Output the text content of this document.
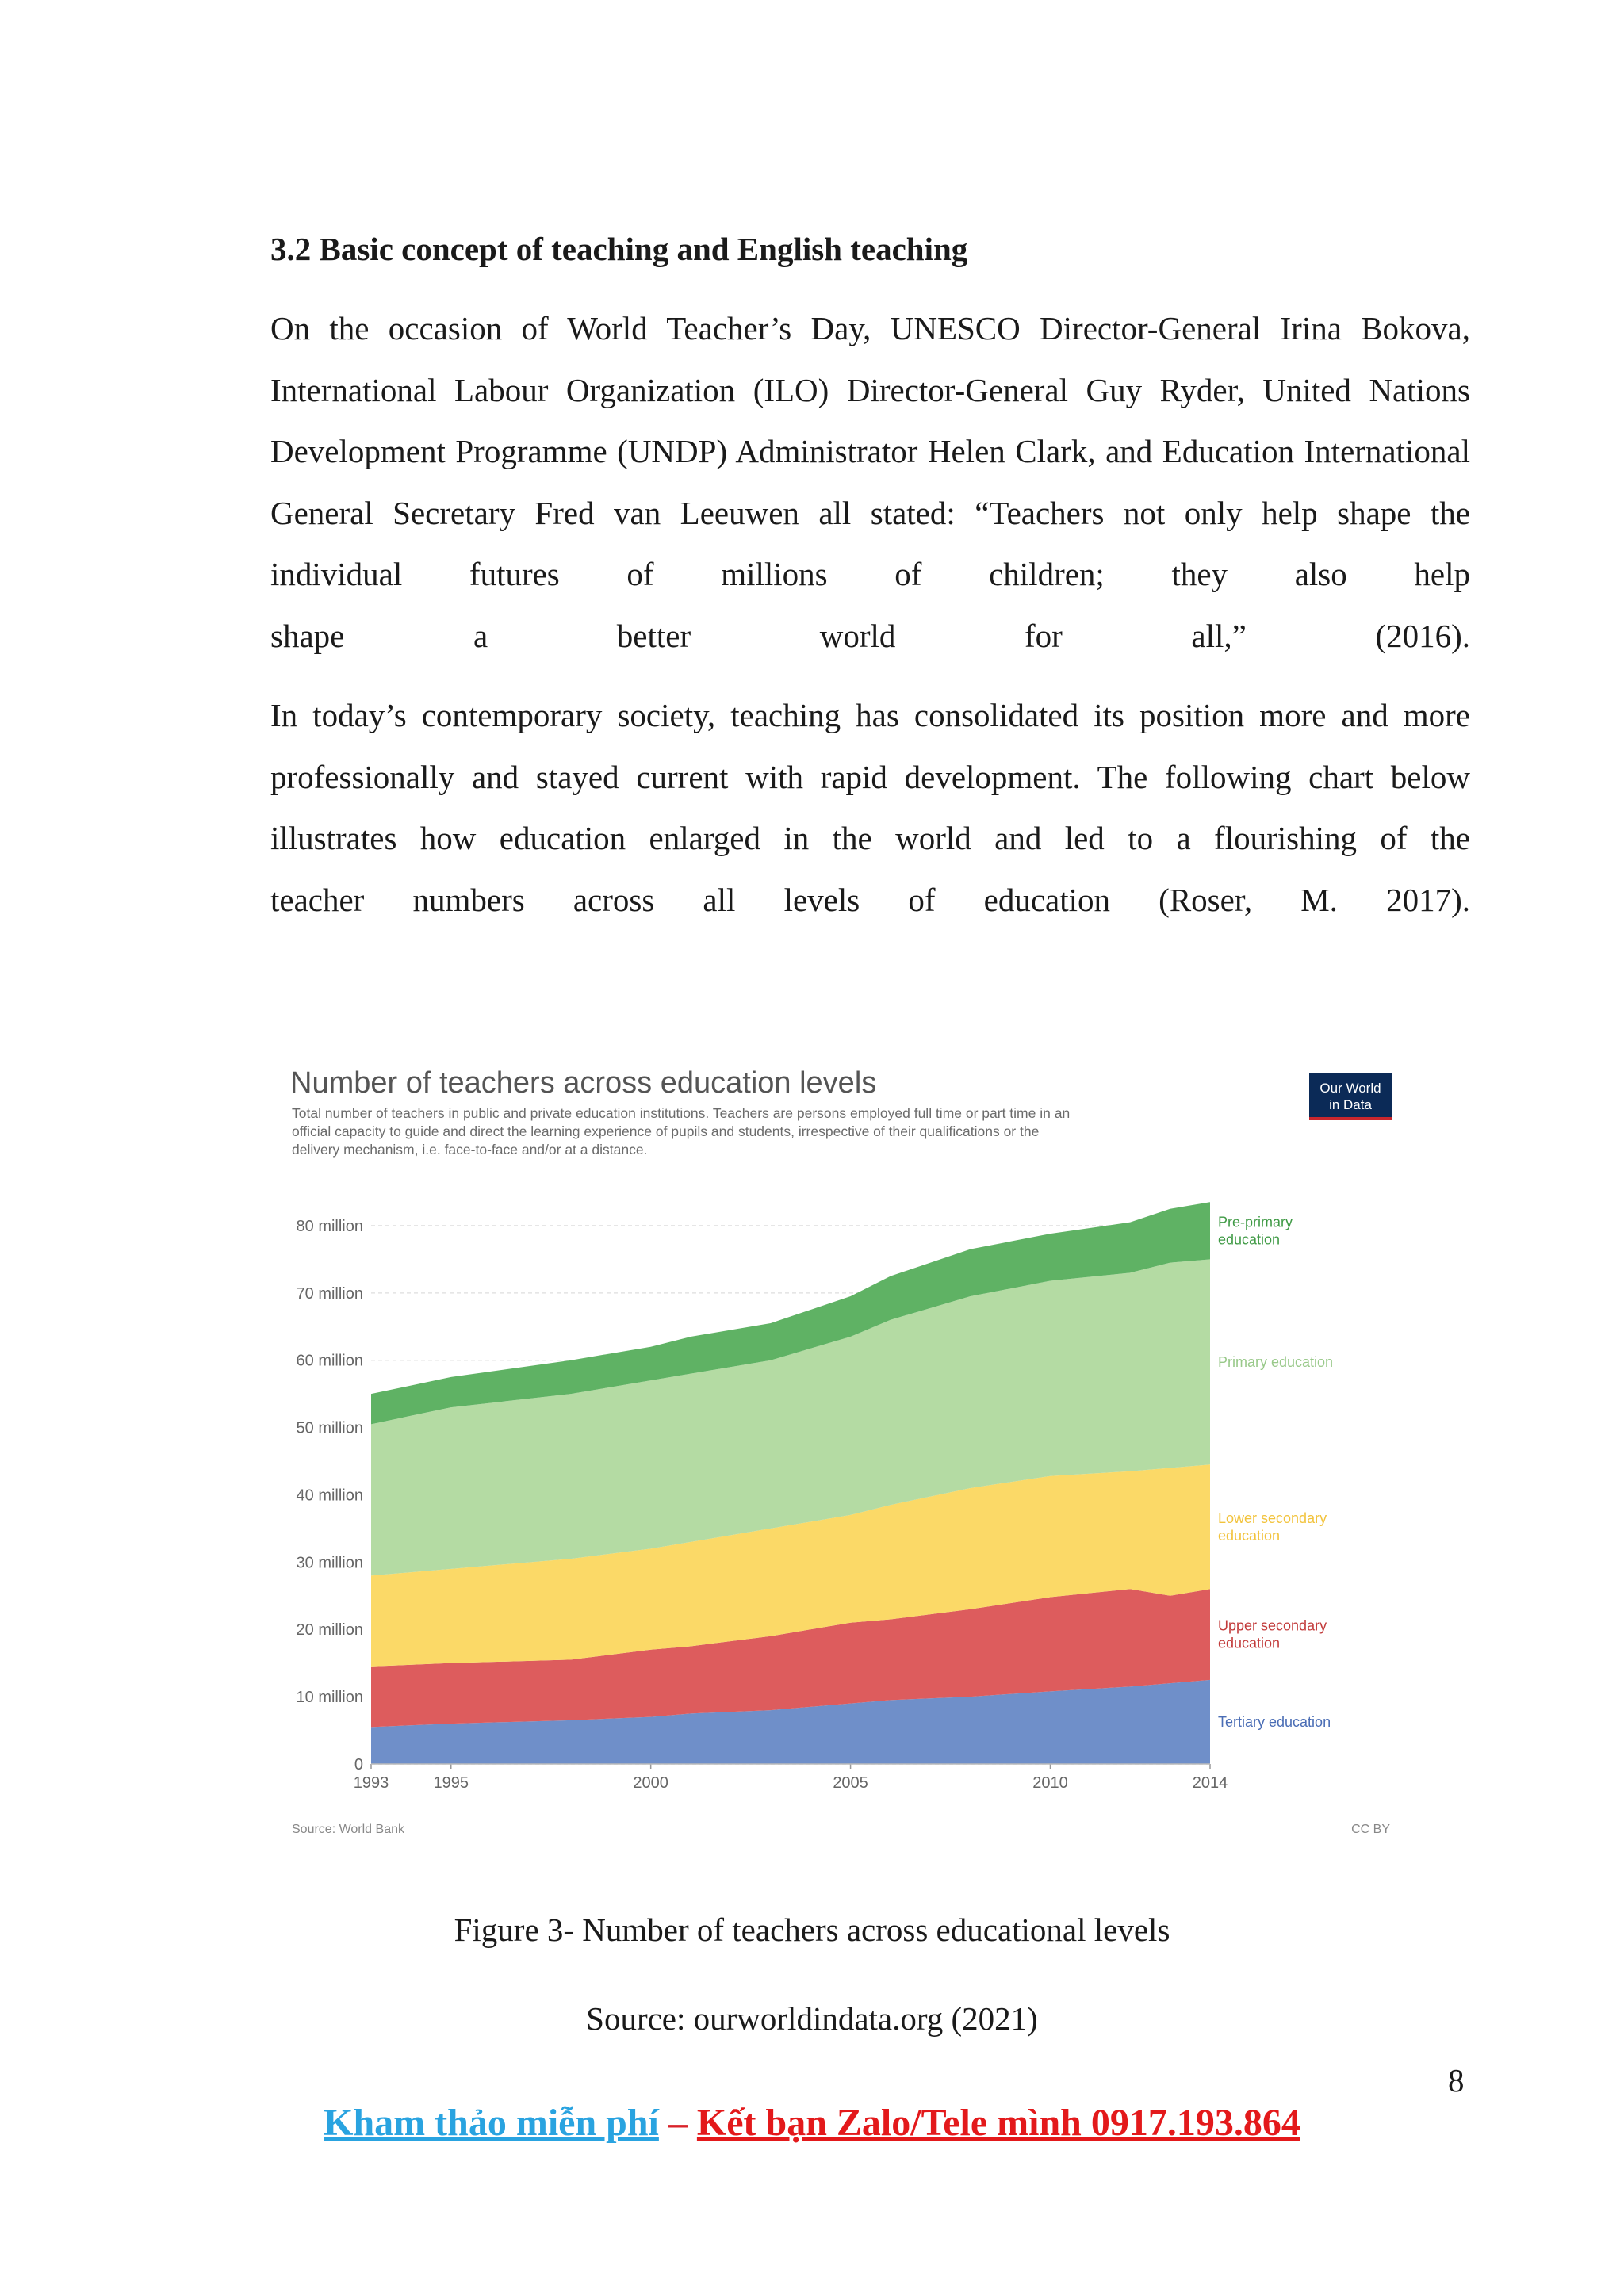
3.2 Basic concept of teaching and English teaching

On the occasion of World Teacher’s Day, UNESCO Director-General Irina Bokova, International Labour Organization (ILO) Director-General Guy Ryder, United Nations Development Programme (UNDP) Administrator Helen Clark, and Education International General Secretary Fred van Leeuwen all stated: “Teachers not only help shape the individual futures of millions of children; they also help
shape a better world for all,” (2016).

In today’s contemporary society, teaching has consolidated its position more and more professionally and stayed current with rapid development. The following chart below illustrates how education enlarged in the world and led to a flourishing of the
teacher numbers across all levels of education (Roser, M. 2017).

Number of teachers across education levels
Total number of teachers in public and private education institutions. Teachers are persons employed full time or part time in an
official capacity to guide and direct the learning experience of pupils and students, irrespective of their qualifications or the
delivery mechanism, i.e. face-to-face and/or at a distance.
Our World
in Data
0
10 million
20 million
30 million
40 million
50 million
60 million
70 million
80 million
1993	1995	2000	2005	2010	2014
Tertiary education
Upper secondary
education
Lower secondary
education
Primary education
Pre-primary
education
Source: World Bank	CC BY

Figure 3- Number of teachers across educational levels

Source: ourworldindata.org (2021)

8

Kham thảo miễn phí – Kết bạn Zalo/Tele mình 0917.193.864
